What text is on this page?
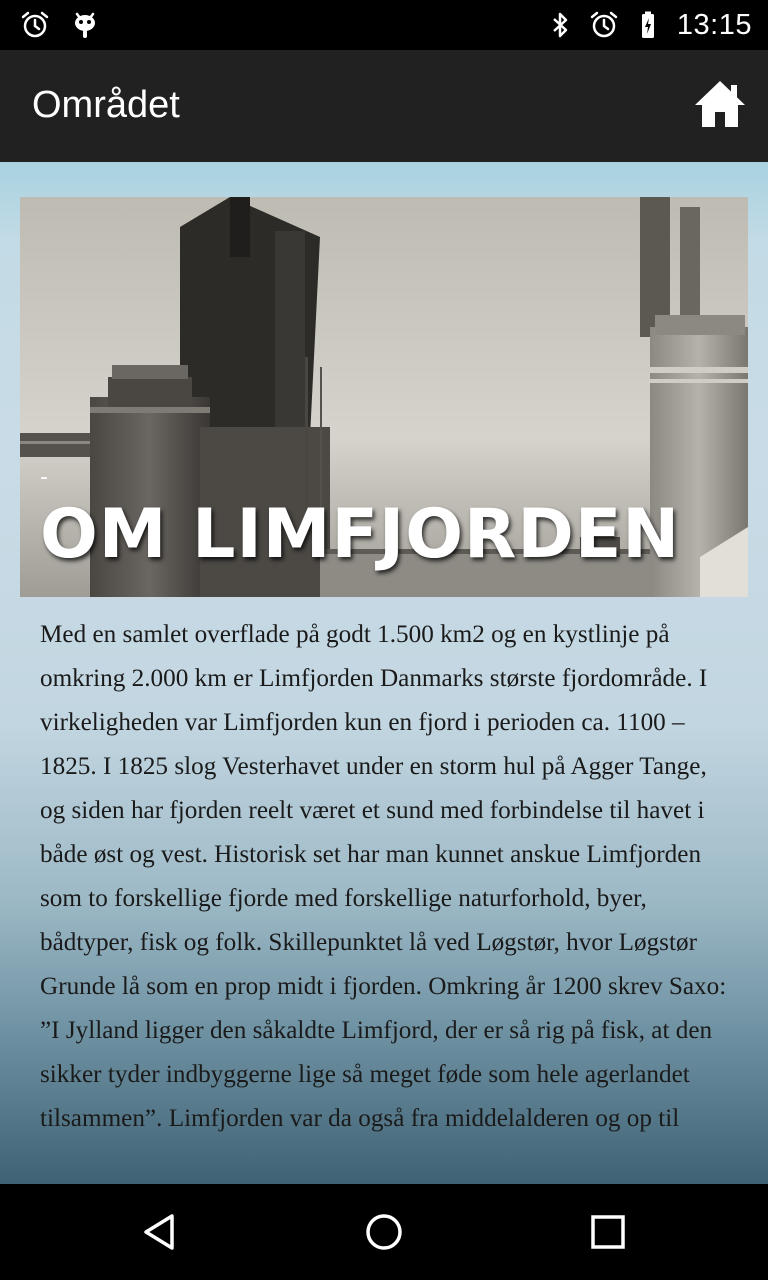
13:15
Området
-
OM LIMFJORDEN
Med en samlet overflade på godt 1.500 km2 og en kystlinje på omkring 2.000 km er Limfjorden Danmarks største fjordområde. I virkeligheden var Limfjorden kun en fjord i perioden ca. 1100 – 1825. I 1825 slog Vesterhavet under en storm hul på Agger Tange, og siden har fjorden reelt været et sund med forbindelse til havet i både øst og vest. Historisk set har man kunnet anskue Limfjorden som to forskellige fjorde med forskellige naturforhold, byer, bådtyper, fisk og folk. Skillepunktet lå ved Løgstør, hvor Løgstør Grunde lå som en prop midt i fjorden. Omkring år 1200 skrev Saxo: ”I Jylland ligger den såkaldte Limfjord, der er så rig på fisk, at den sikker tyder indbyggerne lige så meget føde som hele agerlandet tilsammen”. Limfjorden var da også fra middelalderen og op til
